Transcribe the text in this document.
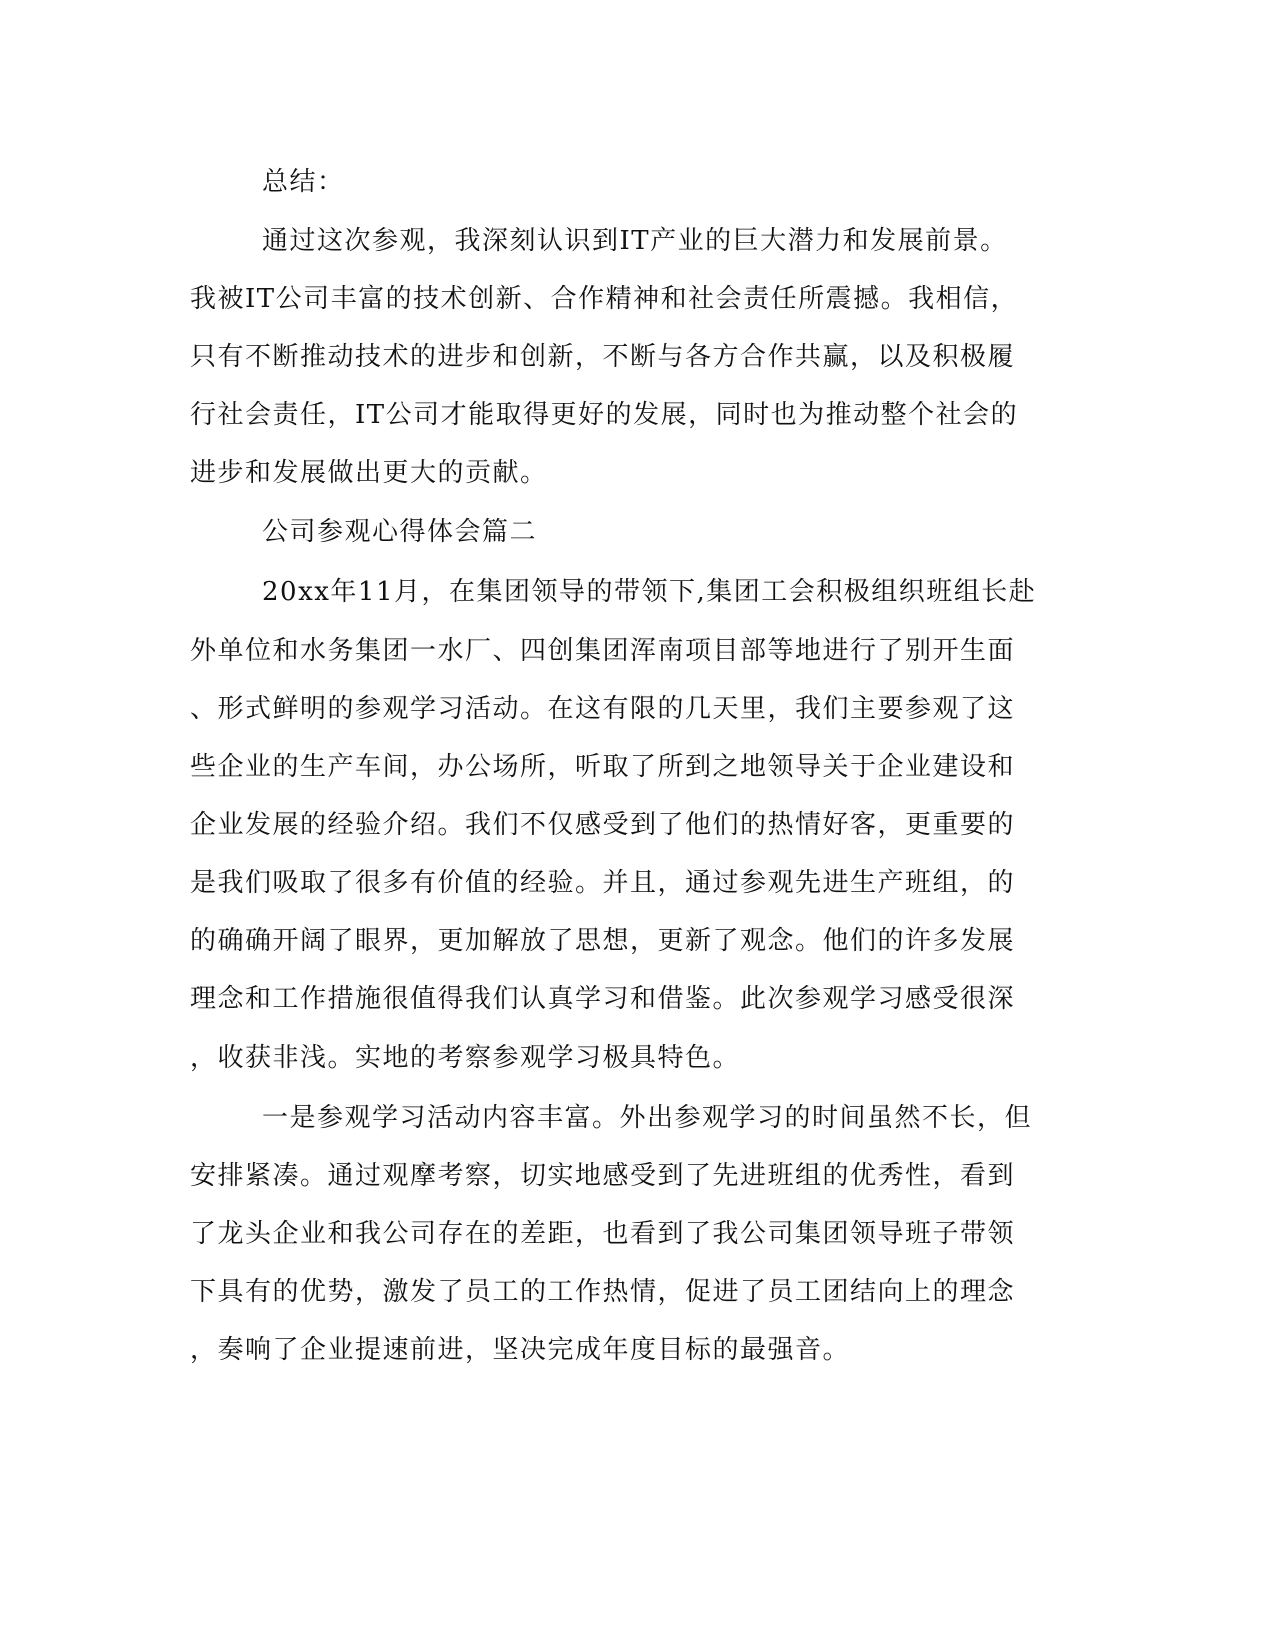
总结：
通过这次参观，我深刻认识到IT产业的巨大潜力和发展前景。
我被IT公司丰富的技术创新、合作精神和社会责任所震撼。我相信，
只有不断推动技术的进步和创新，不断与各方合作共赢，以及积极履
行社会责任，IT公司才能取得更好的发展，同时也为推动整个社会的
进步和发展做出更大的贡献。
公司参观心得体会篇二
20xx年11月，在集团领导的带领下,集团工会积极组织班组长赴
外单位和水务集团一水厂、四创集团浑南项目部等地进行了别开生面
、形式鲜明的参观学习活动。在这有限的几天里，我们主要参观了这
些企业的生产车间，办公场所，听取了所到之地领导关于企业建设和
企业发展的经验介绍。我们不仅感受到了他们的热情好客，更重要的
是我们吸取了很多有价值的经验。并且，通过参观先进生产班组，的
的确确开阔了眼界，更加解放了思想，更新了观念。他们的许多发展
理念和工作措施很值得我们认真学习和借鉴。此次参观学习感受很深
，收获非浅。实地的考察参观学习极具特色。
一是参观学习活动内容丰富。外出参观学习的时间虽然不长，但
安排紧凑。通过观摩考察，切实地感受到了先进班组的优秀性，看到
了龙头企业和我公司存在的差距，也看到了我公司集团领导班子带领
下具有的优势，激发了员工的工作热情，促进了员工团结向上的理念
，奏响了企业提速前进，坚决完成年度目标的最强音。
